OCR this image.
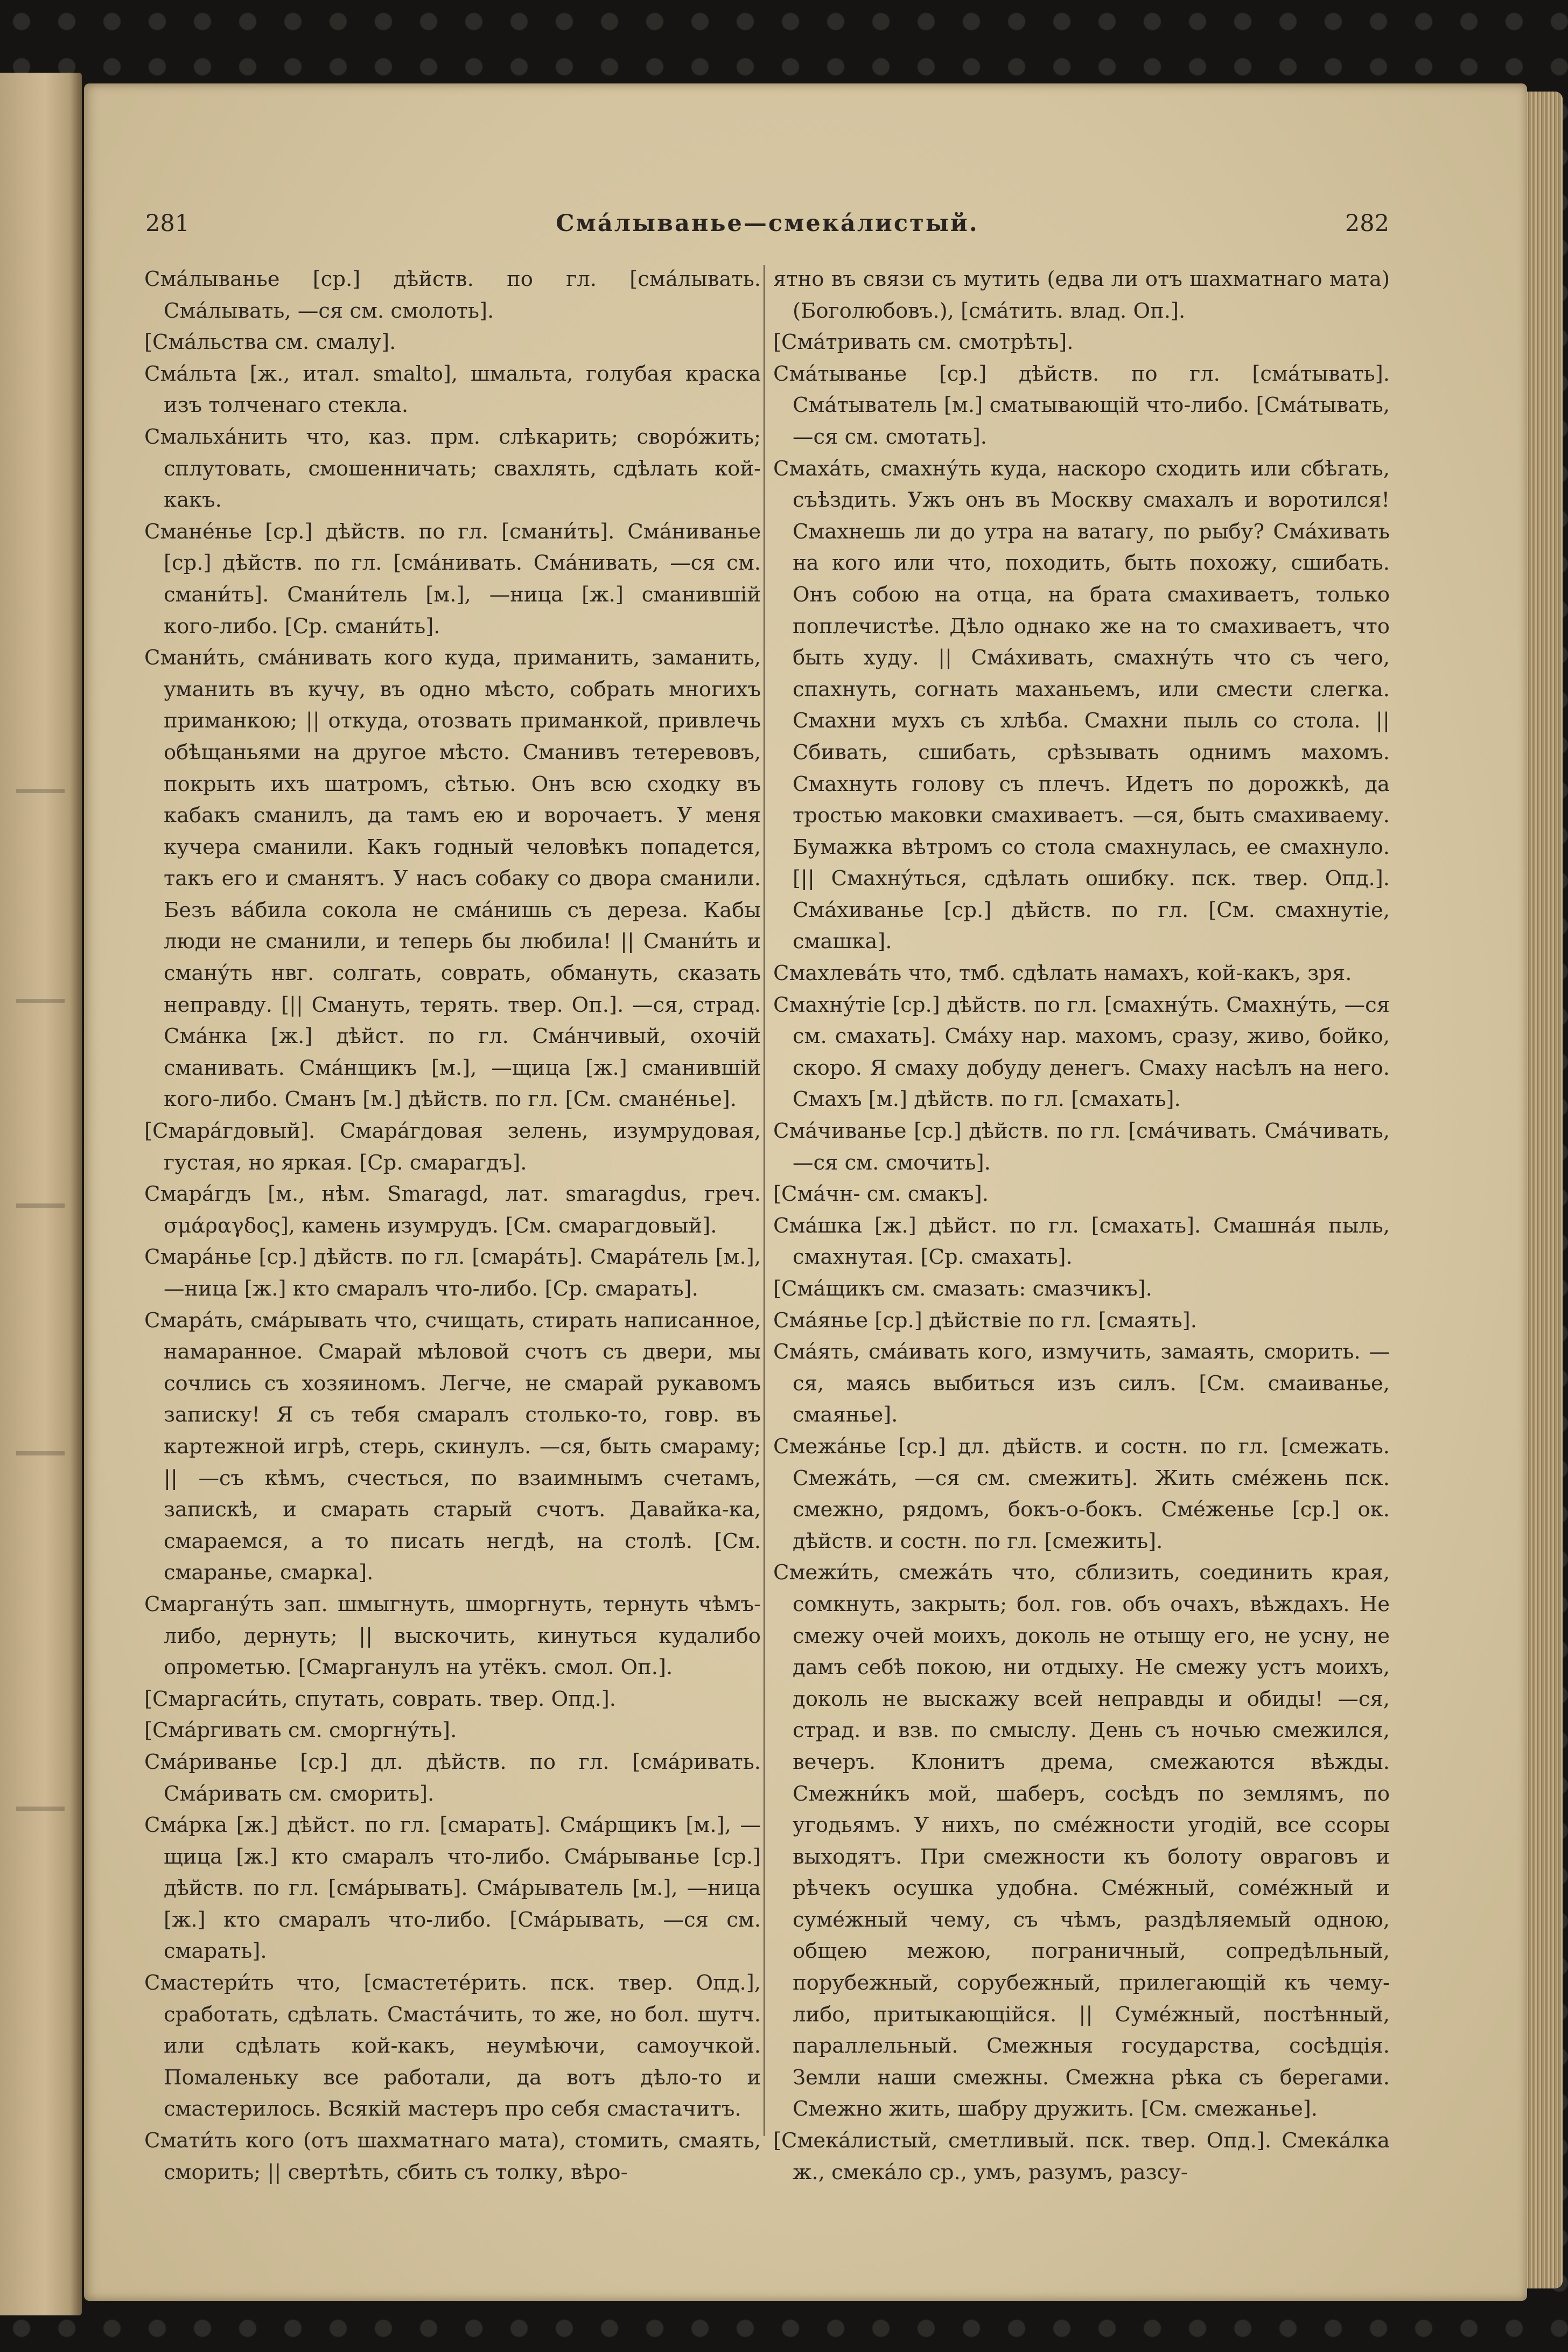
281	Сма́лыванье—смека́листый.	282

Сма́лыванье [ср.] дѣйств. по гл. [сма́лывать. Сма́лывать, —ся см. смолоть].

[Сма́льства см. смалу].

Сма́льта [ж., итал. smalto], шмальта, голубая краска изъ толченаго стекла.

Смальха́нить что, каз. прм. слѣкарить; своро́жить; сплутовать, смошенничать; свахлять, сдѣлать кой-какъ.

Смане́нье [ср.] дѣйств. по гл. [смани́ть]. Сма́ниванье [ср.] дѣйств. по гл. [сма́нивать. Сма́нивать, —ся см. смани́ть]. Смани́тель [м.], —ница [ж.] сманившій кого-либо. [Ср. смани́ть].

Смани́ть, сма́нивать кого куда, приманить, заманить, уманить въ кучу, въ одно мѣсто, собрать многихъ приманкою; || откуда, отозвать приманкой, привлечь обѣщаньями на другое мѣсто. Сманивъ тетеревовъ, покрыть ихъ шатромъ, сѣтью. Онъ всю сходку въ кабакъ сманилъ, да тамъ ею и ворочаетъ. У меня кучера сманили. Какъ годный человѣкъ попадется, такъ его и сманятъ. У насъ собаку со двора сманили. Безъ ва́била сокола не сма́нишь съ дереза. Кабы люди не сманили, и теперь бы любила! || Смани́ть и сману́ть нвг. солгать, соврать, обмануть, сказать неправду. [|| Смануть, терять. твер. Оп.]. —ся, страд. Сма́нка [ж.] дѣйст. по гл. Сма́нчивый, охочій сманивать. Сма́нщикъ [м.], —щица [ж.] сманившій кого-либо. Сманъ [м.] дѣйств. по гл. [См. смане́нье].

[Смара́гдовый]. Смара́гдовая зелень, изумрудовая, густая, но яркая. [Ср. смарагдъ].

Смара́гдъ [м., нѣм. Smaragd, лат. smaragdus, греч. σμάραγδος], камень изумрудъ. [См. смарагдовый].

Смара́нье [ср.] дѣйств. по гл. [смара́ть]. Смара́тель [м.], —ница [ж.] кто смаралъ что-либо. [Ср. смарать].

Смара́ть, сма́рывать что, счищать, стирать написанное, намаранное. Смарай мѣловой счотъ съ двери, мы сочлись съ хозяиномъ. Легче, не смарай рукавомъ записку! Я съ тебя смаралъ столько-то, говр. въ картежной игрѣ, стерь, скинулъ. —ся, быть смараму; || —съ кѣмъ, счесться, по взаимнымъ счетамъ, запискѣ, и смарать старый счотъ. Давайка-ка, смараемся, а то писать негдѣ, на столѣ. [См. смаранье, смарка].

Смаргану́ть зап. шмыгнуть, шморгнуть, тернуть чѣмъ-либо, дернуть; || выскочить, кинуться кудалибо опрометью. [Смарганулъ на утёкъ. смол. Оп.].

[Смаргаси́ть, спутать, соврать. твер. Опд.].

[Сма́ргивать см. сморгну́ть].

Сма́риванье [ср.] дл. дѣйств. по гл. [сма́ривать. Сма́ривать см. сморить].

Сма́рка [ж.] дѣйст. по гл. [смарать]. Сма́рщикъ [м.], —щица [ж.] кто смаралъ что-либо. Сма́рыванье [ср.] дѣйств. по гл. [сма́рывать]. Сма́рыватель [м.], —ница [ж.] кто смаралъ что-либо. [Сма́рывать, —ся см. смарать].

Смастери́ть что, [смастете́рить. пск. твер. Опд.], сработать, сдѣлать. Смаста́чить, то же, но бол. шутч. или сдѣлать кой-какъ, неумѣючи, самоучкой. Помаленьку все работали, да вотъ дѣло-то и смастерилось. Всякій мастеръ про себя смастачитъ.

Смати́ть кого (отъ шахматнаго мата), стомить, смаять, сморить; || свертѣть, сбить съ толку, вѣро-

ятно въ связи съ мутить (едва ли отъ шахматнаго мата) (Боголюбовъ.), [сма́тить. влад. Оп.].

[Сма́тривать см. смотрѣть].

Сма́тыванье [ср.] дѣйств. по гл. [сма́тывать]. Сма́тыватель [м.] сматывающій что-либо. [Сма́тывать, —ся см. смотать].

Смаха́ть, смахну́ть куда, наскоро сходить или сбѣгать, съѣздить. Ужъ онъ въ Москву смахалъ и воротился! Смахнешь ли до утра на ватагу, по рыбу? Сма́хивать на кого или что, походить, быть похожу, сшибать. Онъ собою на отца, на брата смахиваетъ, только поплечистѣе. Дѣло однако же на то смахиваетъ, что быть худу. || Сма́хивать, смахну́ть что съ чего, спахнуть, согнать маханьемъ, или смести слегка. Смахни мухъ съ хлѣба. Смахни пыль со стола. || Сбивать, сшибать, срѣзывать однимъ махомъ. Смахнуть голову съ плечъ. Идетъ по дорожкѣ, да тростью маковки смахиваетъ. —ся, быть смахиваему. Бумажка вѣтромъ со стола смахнулась, ее смахнуло. [|| Смахну́ться, сдѣлать ошибку. пск. твер. Опд.]. Сма́хиванье [ср.] дѣйств. по гл. [См. смахнутіе, смашка].

Смахлева́ть что, тмб. сдѣлать намахъ, кой-какъ, зря.

Смахну́тіе [ср.] дѣйств. по гл. [смахну́ть. Смахну́ть, —ся см. смахать]. Сма́ху нар. махомъ, сразу, живо, бойко, скоро. Я смаху добуду денегъ. Смаху насѣлъ на него. Смахъ [м.] дѣйств. по гл. [смахать].

Сма́чиванье [ср.] дѣйств. по гл. [сма́чивать. Сма́чивать, —ся см. смочить].

[Сма́чн- см. смакъ].

Сма́шка [ж.] дѣйст. по гл. [смахать]. Смашна́я пыль, смахнутая. [Ср. смахать].

[Сма́щикъ см. смазать: смазчикъ].

Сма́янье [ср.] дѣйствіе по гл. [смаять].

Сма́ять, сма́ивать кого, измучить, замаять, сморить. —ся, маясь выбиться изъ силъ. [См. смаиванье, смаянье].

Смежа́нье [ср.] дл. дѣйств. и состн. по гл. [смежать. Смежа́ть, —ся см. смежить]. Жить сме́жень пск. смежно, рядомъ, бокъ-о-бокъ. Сме́женье [ср.] ок. дѣйств. и состн. по гл. [смежить].

Смежи́ть, смежа́ть что, сблизить, соединить края, сомкнуть, закрыть; бол. гов. объ очахъ, вѣждахъ. Не смежу очей моихъ, доколь не отыщу его, не усну, не дамъ себѣ покою, ни отдыху. Не смежу устъ моихъ, доколь не выскажу всей неправды и обиды! —ся, страд. и взв. по смыслу. День съ ночью смежился, вечеръ. Клонитъ дрема, смежаются вѣжды. Смежни́къ мой, шаберъ, сосѣдъ по землямъ, по угодьямъ. У нихъ, по сме́жности угодій, все ссоры выходятъ. При смежности къ болоту овраговъ и рѣчекъ осушка удобна. Сме́жный, соме́жный и суме́жный чему, съ чѣмъ, раздѣляемый одною, общею межою, пограничный, сопредѣльный, порубежный, сорубежный, прилегающій къ чему-либо, притыкающійся. || Суме́жный, постѣнный, параллельный. Смежныя государства, сосѣдція. Земли наши смежны. Смежна рѣка съ берегами. Смежно жить, шабру дружить. [См. смежанье].

[Смека́листый, сметливый. пск. твер. Опд.]. Смека́лка ж., смека́ло ср., умъ, разумъ, разсу-
